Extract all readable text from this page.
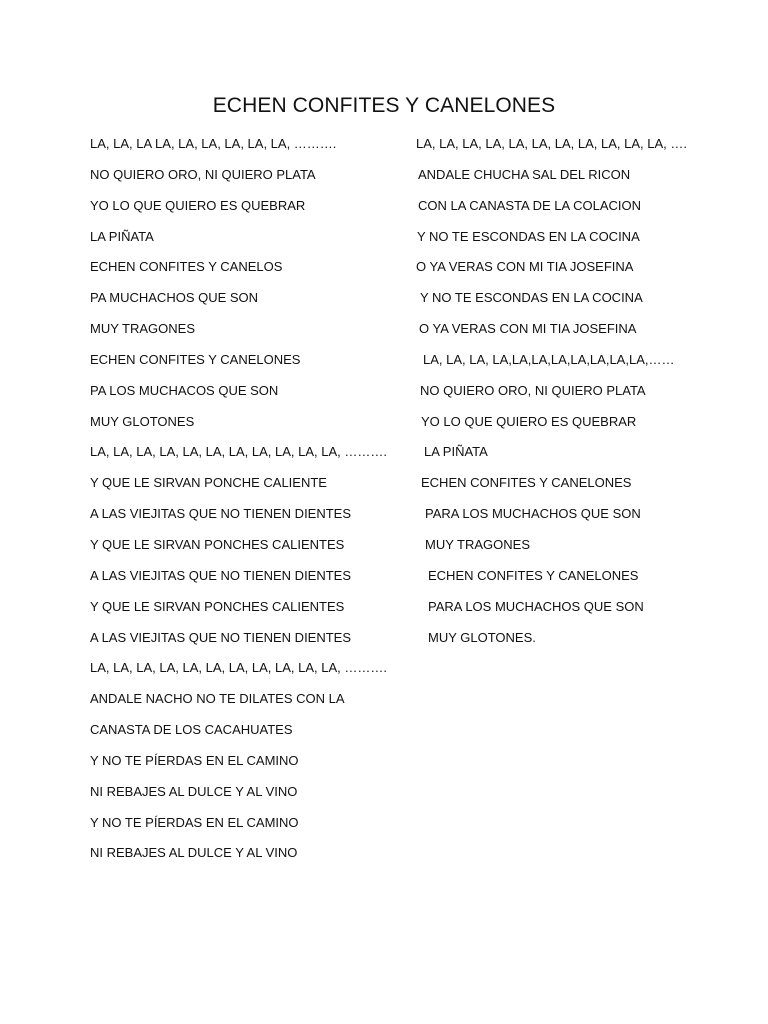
ECHEN CONFITES Y CANELONES
LA, LA, LA LA, LA, LA, LA, LA, LA, ……….
NO QUIERO ORO, NI QUIERO PLATA
YO LO QUE QUIERO ES QUEBRAR
LA PIÑATA
ECHEN CONFITES Y CANELOS
PA MUCHACHOS QUE SON
MUY TRAGONES
ECHEN CONFITES Y CANELONES
PA LOS MUCHACOS QUE SON
MUY GLOTONES
LA, LA, LA, LA, LA, LA, LA, LA, LA, LA, LA, ……….
Y QUE LE SIRVAN PONCHE CALIENTE
A LAS VIEJITAS QUE NO TIENEN DIENTES
Y QUE LE SIRVAN PONCHES CALIENTES
A LAS VIEJITAS QUE NO TIENEN DIENTES
Y QUE LE SIRVAN PONCHES CALIENTES
A LAS VIEJITAS QUE NO TIENEN DIENTES
LA, LA, LA, LA, LA, LA, LA, LA, LA, LA, LA, ……….
ANDALE NACHO NO TE DILATES CON LA
CANASTA DE LOS CACAHUATES
Y NO TE PÍERDAS EN EL CAMINO
NI REBAJES AL DULCE Y AL VINO
Y NO TE PÍERDAS EN EL CAMINO
NI REBAJES AL DULCE Y AL VINO
LA, LA, LA, LA, LA, LA, LA, LA, LA, LA, LA, ….
ANDALE CHUCHA SAL DEL RICON
CON LA CANASTA DE LA COLACION
Y NO TE ESCONDAS EN LA COCINA
O YA VERAS CON MI TIA JOSEFINA
Y NO TE ESCONDAS EN LA COCINA
O YA VERAS CON MI TIA JOSEFINA
LA, LA, LA, LA,LA,LA,LA,LA,LA,LA,LA,……
NO QUIERO ORO, NI QUIERO PLATA
YO LO QUE QUIERO ES QUEBRAR
LA PIÑATA
ECHEN CONFITES Y CANELONES
PARA LOS MUCHACHOS QUE SON
MUY TRAGONES
ECHEN CONFITES Y CANELONES
PARA LOS MUCHACHOS QUE SON
MUY GLOTONES.
